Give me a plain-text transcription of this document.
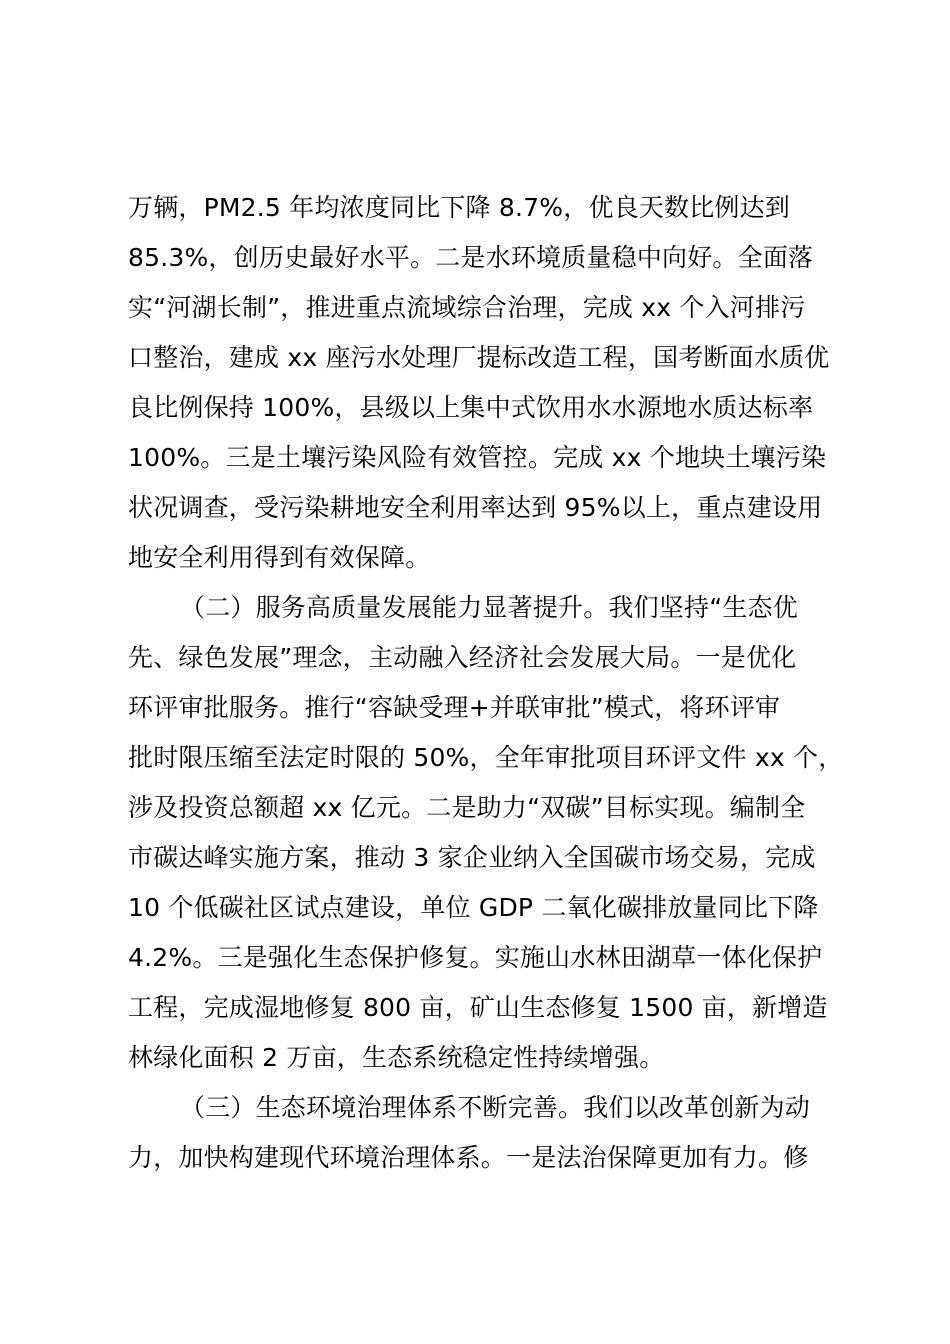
万辆，PM2.5 年均浓度同比下降 8.7%，优良天数比例达到
85.3%，创历史最好水平。二是水环境质量稳中向好。全面落
实“河湖长制”，推进重点流域综合治理，完成 xx 个入河排污
口整治，建成 xx 座污水处理厂提标改造工程，国考断面水质优
良比例保持 100%，县级以上集中式饮用水水源地水质达标率
100%。三是土壤污染风险有效管控。完成 xx 个地块土壤污染
状况调查，受污染耕地安全利用率达到 95%以上，重点建设用
地安全利用得到有效保障。
（二）服务高质量发展能力显著提升。我们坚持“生态优
先、绿色发展”理念，主动融入经济社会发展大局。一是优化
环评审批服务。推行“容缺受理+并联审批”模式，将环评审
批时限压缩至法定时限的 50%，全年审批项目环评文件 xx 个，
涉及投资总额超 xx 亿元。二是助力“双碳”目标实现。编制全
市碳达峰实施方案，推动 3 家企业纳入全国碳市场交易，完成
10 个低碳社区试点建设，单位 GDP 二氧化碳排放量同比下降
4.2%。三是强化生态保护修复。实施山水林田湖草一体化保护
工程，完成湿地修复 800 亩，矿山生态修复 1500 亩，新增造
林绿化面积 2 万亩，生态系统稳定性持续增强。
（三）生态环境治理体系不断完善。我们以改革创新为动
力，加快构建现代环境治理体系。一是法治保障更加有力。修
